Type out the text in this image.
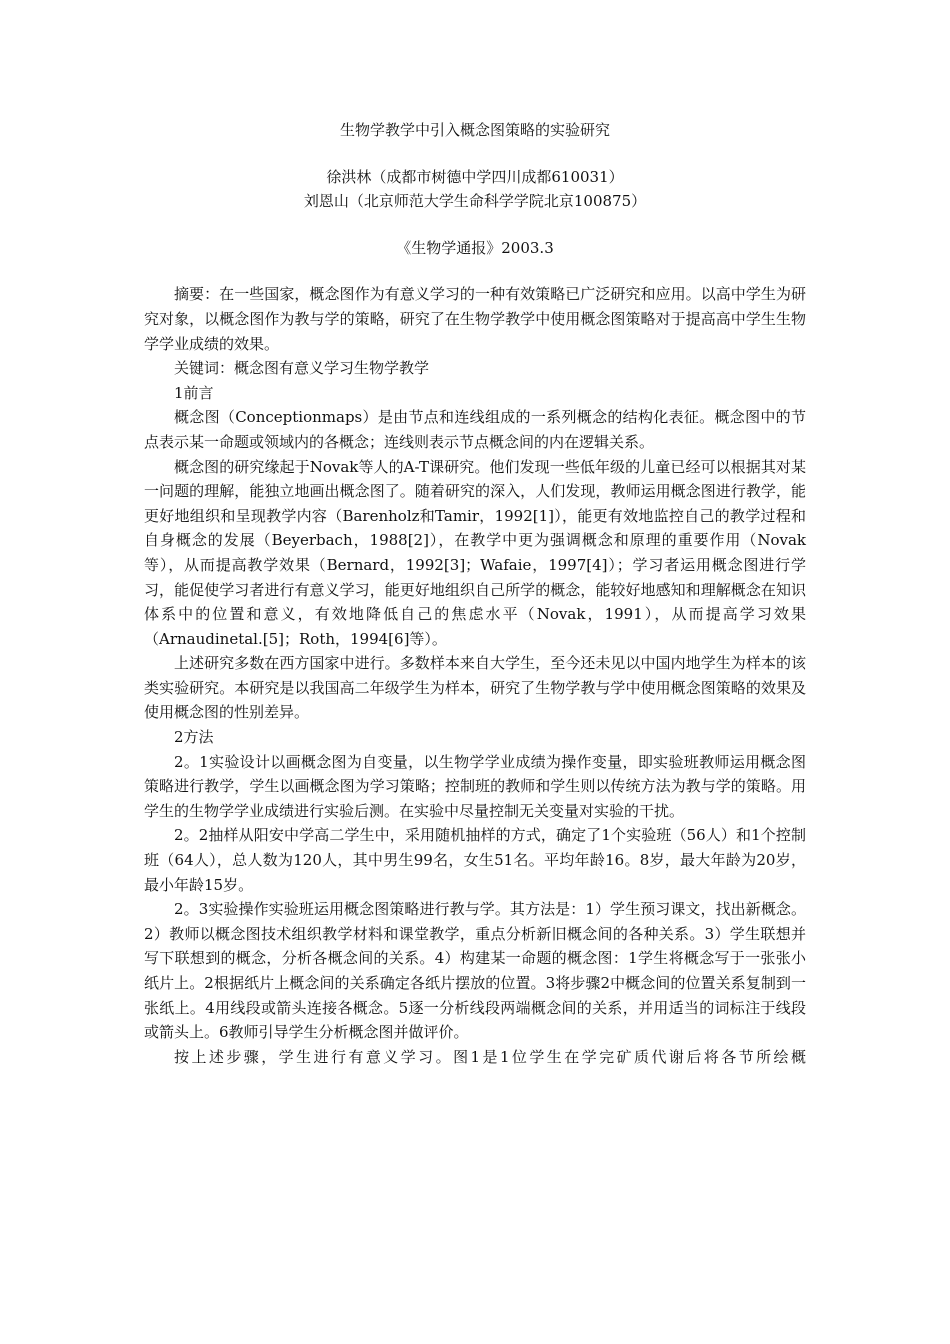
生物学教学中引入概念图策略的实验研究

徐洪林（成都市树德中学四川成都610031）

刘恩山（北京师范大学生命科学学院北京100875）

《生物学通报》2003.3

摘要：在一些国家，概念图作为有意义学习的一种有效策略已广泛研究和应用。以高中学生为研究对象，以概念图作为教与学的策略，研究了在生物学教学中使用概念图策略对于提高高中学生生物学学业成绩的效果。

关键词：概念图有意义学习生物学教学

1前言

概念图（Conceptionmaps）是由节点和连线组成的一系列概念的结构化表征。概念图中的节点表示某一命题或领域内的各概念；连线则表示节点概念间的内在逻辑关系。

概念图的研究缘起于Novak等人的A-T课研究。他们发现一些低年级的儿童已经可以根据其对某一问题的理解，能独立地画出概念图了。随着研究的深入，人们发现，教师运用概念图进行教学，能更好地组织和呈现教学内容（Barenholz和Tamir，1992[1]），能更有效地监控自己的教学过程和自身概念的发展（Beyerbach，1988[2]），在教学中更为强调概念和原理的重要作用（Novak等），从而提高教学效果（Bernard，1992[3]；Wafaie，1997[4]）；学习者运用概念图进行学习，能促使学习者进行有意义学习，能更好地组织自己所学的概念，能较好地感知和理解概念在知识体系中的位置和意义，有效地降低自己的焦虑水平（Novak，1991），从而提高学习效果（Arnaudinetal.[5]；Roth，1994[6]等）。

上述研究多数在西方国家中进行。多数样本来自大学生，至今还未见以中国内地学生为样本的该类实验研究。本研究是以我国高二年级学生为样本，研究了生物学教与学中使用概念图策略的效果及使用概念图的性别差异。

2方法

2。1实验设计以画概念图为自变量，以生物学学业成绩为操作变量，即实验班教师运用概念图策略进行教学，学生以画概念图为学习策略；控制班的教师和学生则以传统方法为教与学的策略。用学生的生物学学业成绩进行实验后测。在实验中尽量控制无关变量对实验的干扰。

2。2抽样从阳安中学高二学生中，采用随机抽样的方式，确定了1个实验班（56人）和1个控制班（64人），总人数为120人，其中男生99名，女生51名。平均年龄16。8岁，最大年龄为20岁，最小年龄15岁。

2。3实验操作实验班运用概念图策略进行教与学。其方法是：1）学生预习课文，找出新概念。2）教师以概念图技术组织教学材料和课堂教学，重点分析新旧概念间的各种关系。3）学生联想并写下联想到的概念，分析各概念间的关系。4）构建某一命题的概念图：1学生将概念写于一张张小纸片上。2根据纸片上概念间的关系确定各纸片摆放的位置。3将步骤2中概念间的位置关系复制到一张纸上。4用线段或箭头连接各概念。5逐一分析线段两端概念间的关系，并用适当的词标注于线段或箭头上。6教师引导学生分析概念图并做评价。

按上述步骤，学生进行有意义学习。图1是1位学生在学完矿质代谢后将各节所绘概
